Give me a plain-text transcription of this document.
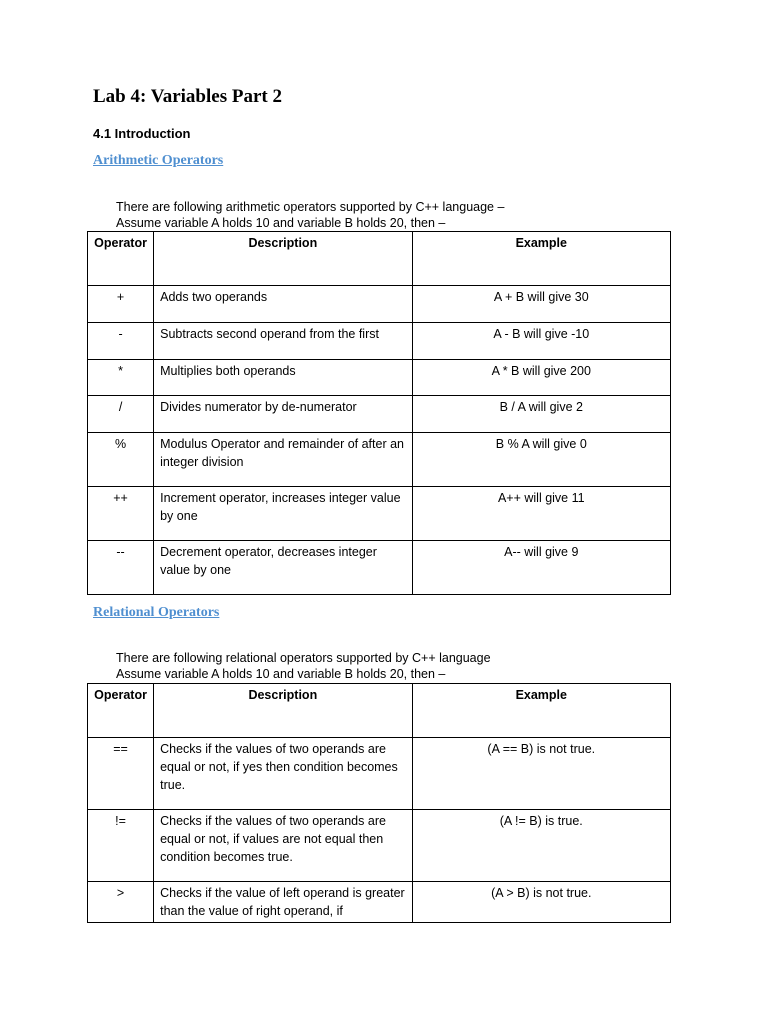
Lab 4: Variables Part 2
4.1 Introduction
Arithmetic Operators
There are following arithmetic operators supported by C++ language –
Assume variable A holds 10 and variable B holds 20, then –
Operator	Description	Example
+	Adds two operands	A + B will give 30
-	Subtracts second operand from the first	A - B will give -10
*	Multiplies both operands	A * B will give 200
/	Divides numerator by de-numerator	B / A will give 2
%	Modulus Operator and remainder of after an integer division	B % A will give 0
++	Increment operator, increases integer value by one	A++ will give 11
--	Decrement operator, decreases integer value by one	A-- will give 9
Relational Operators
There are following relational operators supported by C++ language
Assume variable A holds 10 and variable B holds 20, then –
Operator	Description	Example
==	Checks if the values of two operands are equal or not, if yes then condition becomes true.	(A == B) is not true.
!=	Checks if the values of two operands are equal or not, if values are not equal then condition becomes true.	(A != B) is true.
>	Checks if the value of left operand is greater than the value of right operand, if	(A > B) is not true.
